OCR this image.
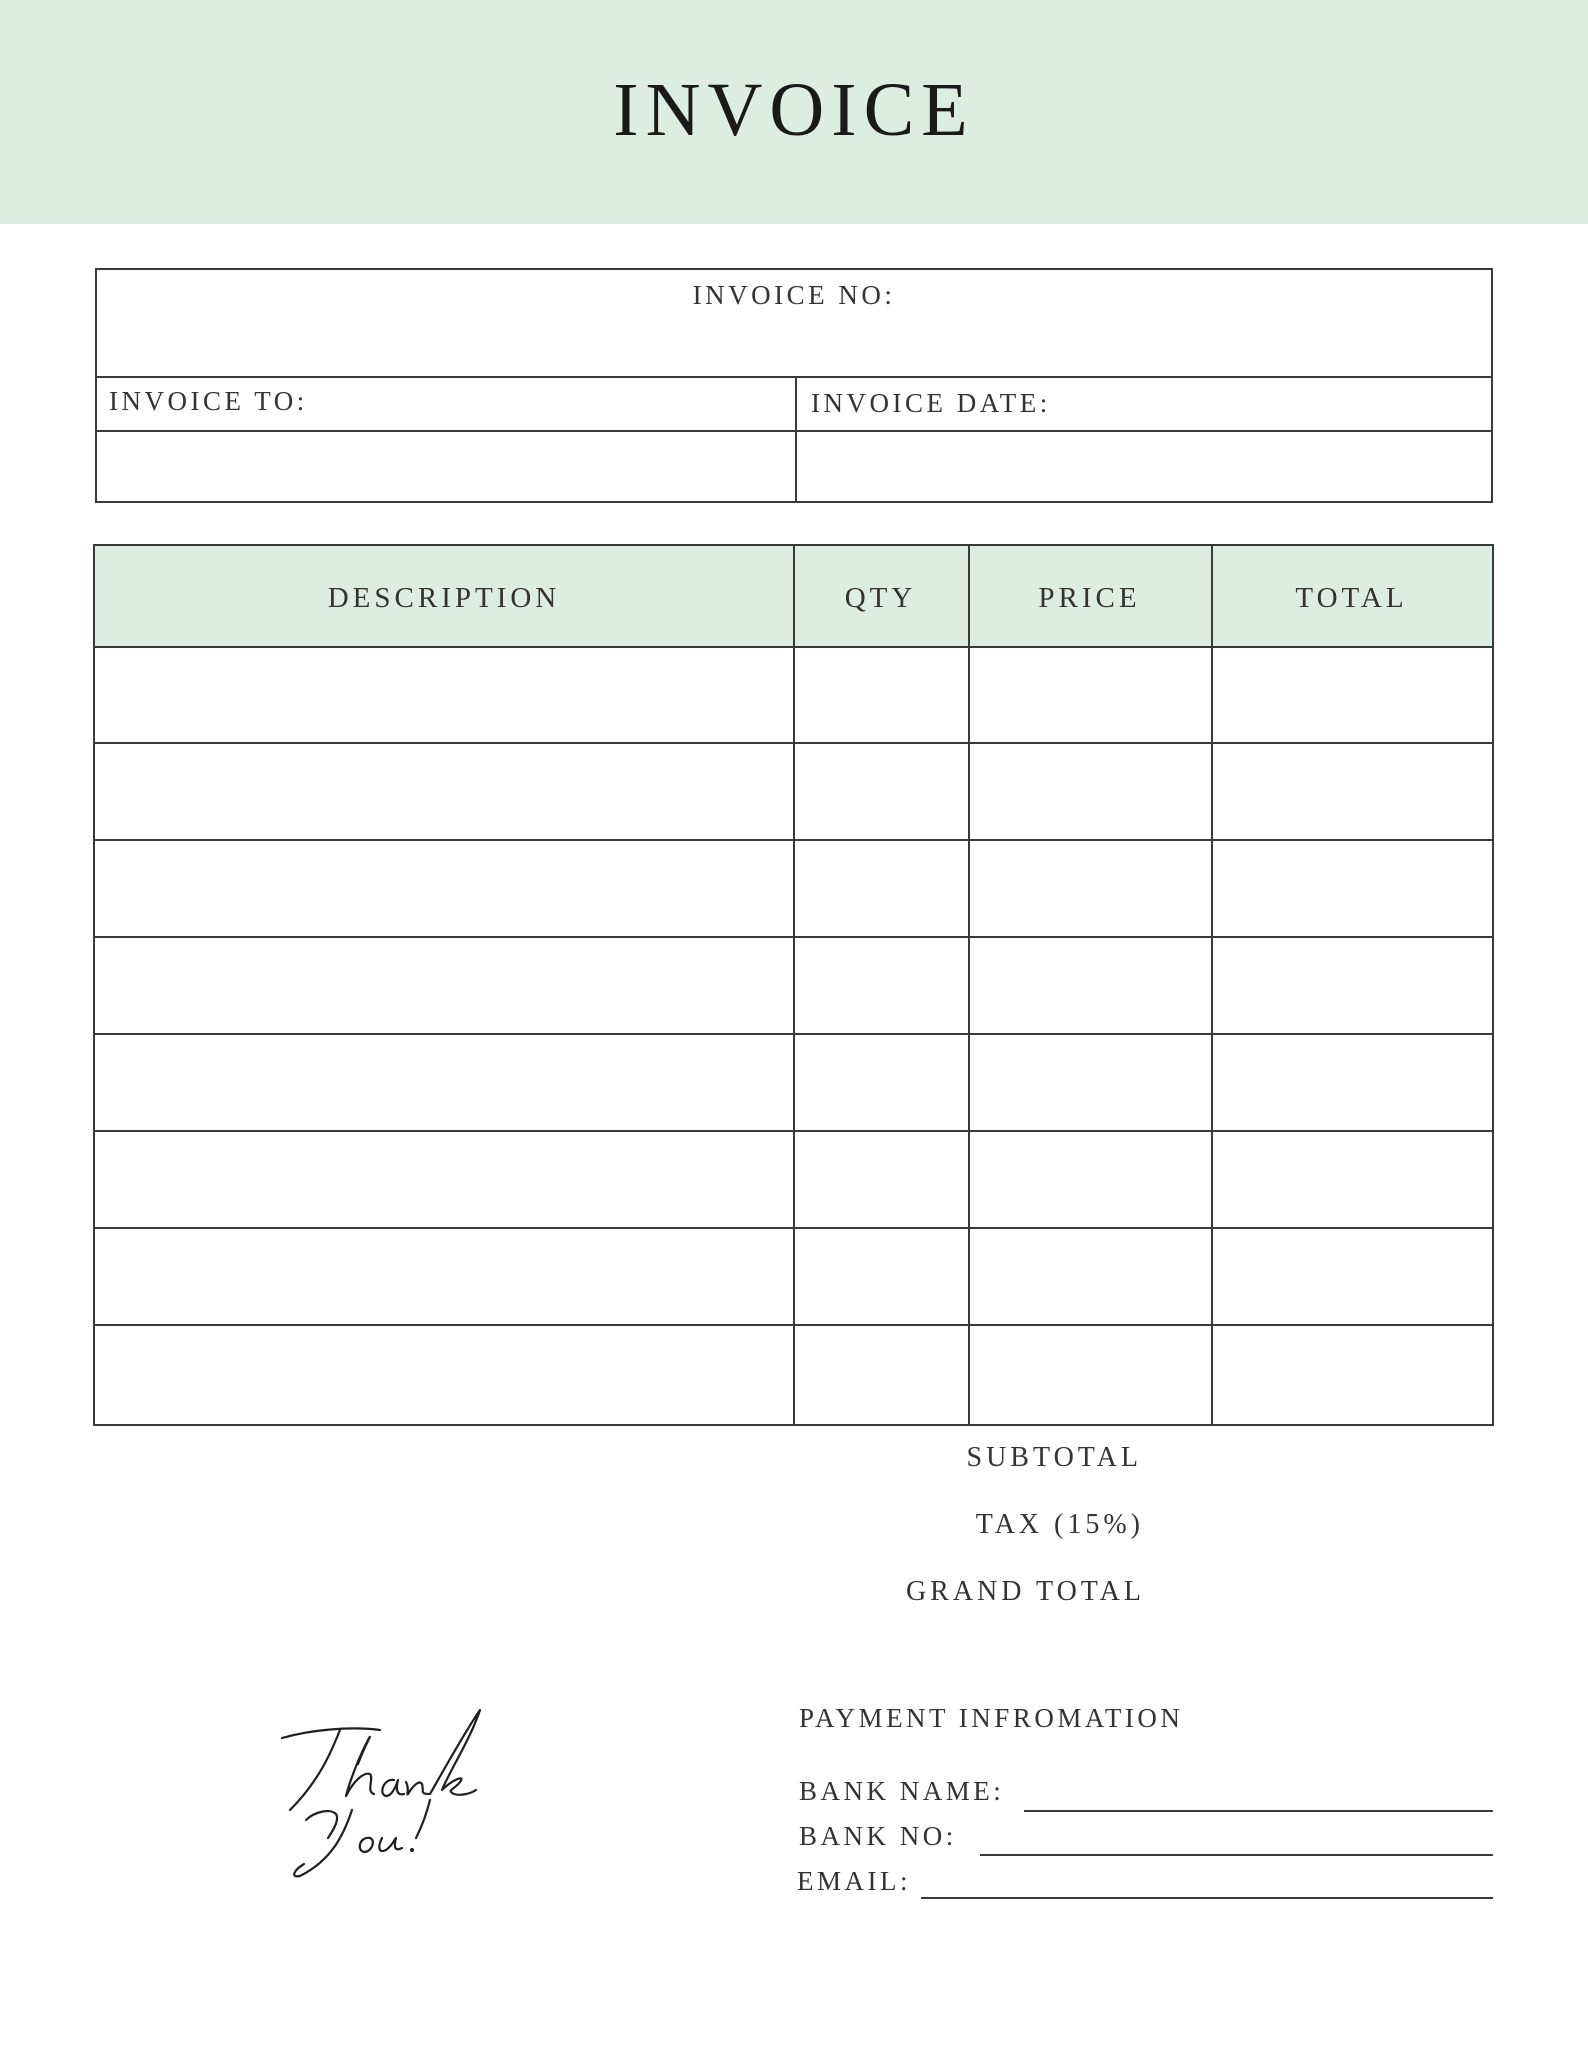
INVOICE
INVOICE NO:
INVOICE TO:	INVOICE DATE:
DESCRIPTION	QTY	PRICE	TOTAL
SUBTOTAL
TAX (15%)
GRAND TOTAL
PAYMENT INFROMATION
BANK NAME:
BANK NO:
EMAIL:
